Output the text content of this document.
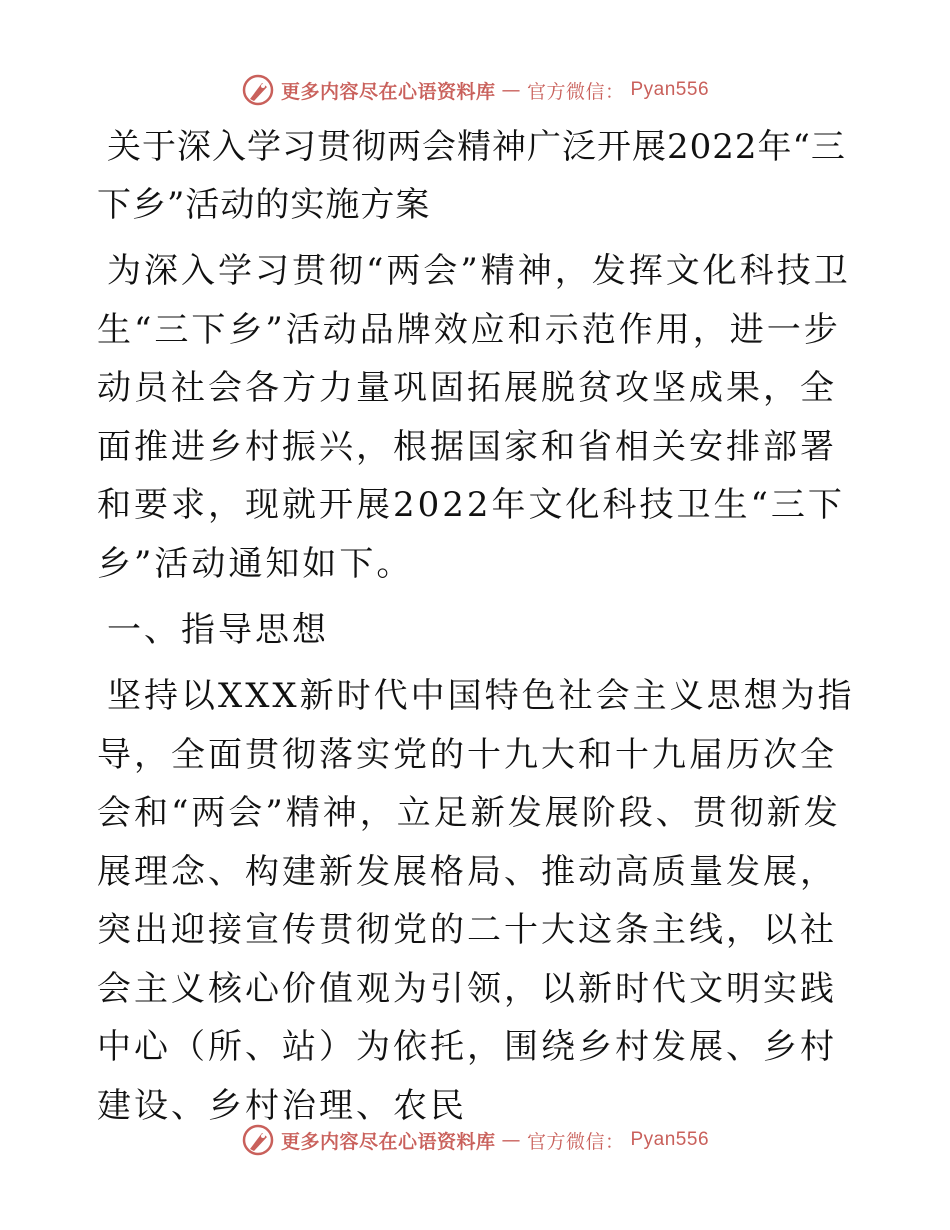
更多内容尽在心语资料库 — 官方微信： Pyan556
关于深入学习贯彻两会精神广泛开展2022年“三下乡”活动的实施方案

为深入学习贯彻“两会”精神，发挥文化科技卫生“三下乡”活动品牌效应和示范作用，进一步动员社会各方力量巩固拓展脱贫攻坚成果，全面推进乡村振兴，根据国家和省相关安排部署和要求，现就开展2022年文化科技卫生“三下乡”活动通知如下。

一、指导思想

坚持以XXX新时代中国特色社会主义思想为指导，全面贯彻落实党的十九大和十九届历次全会和“两会”精神，立足新发展阶段、贯彻新发展理念、构建新发展格局、推动高质量发展，突出迎接宣传贯彻党的二十大这条主线，以社会主义核心价值观为引领，以新时代文明实践中心（所、站）为依托，围绕乡村发展、乡村建设、乡村治理、农民

更多内容尽在心语资料库 — 官方微信： Pyan556
